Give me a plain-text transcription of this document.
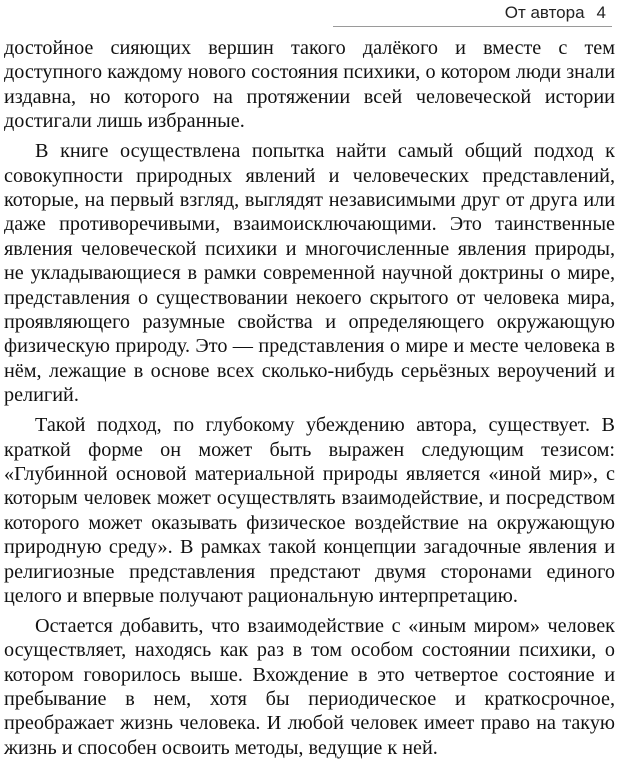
От автора 4

достойное сияющих вершин такого далёкого и вместе с тем доступного каждому нового состояния психики, о котором люди знали издавна, но которого на протяжении всей человеческой истории достигали лишь избранные.

В книге осуществлена попытка найти самый общий подход к совокупности природных явлений и человеческих представлений, которые, на первый взгляд, выглядят независимыми друг от друга или даже противоречивыми, взаимоисключающими. Это таинственные явления человеческой психики и многочисленные явления природы, не укладывающиеся в рамки современной научной доктрины о мире, представления о существовании некоего скрытого от человека мира, проявляющего разумные свойства и определяющего окружающую физическую природу. Это — представления о мире и месте человека в нём, лежащие в основе всех сколько-нибудь серьёзных вероучений и религий.

Такой подход, по глубокому убеждению автора, существует. В краткой форме он может быть выражен следующим тезисом: «Глубинной основой материальной природы является «иной мир», с которым человек может осуществлять взаимодействие, и посредством которого может оказывать физическое воздействие на окружающую природную среду». В рамках такой концепции загадочные явления и религиозные представления предстают двумя сторонами единого целого и впервые получают рациональную интерпретацию.

Остается добавить, что взаимодействие с «иным миром» человек осуществляет, находясь как раз в том особом состоянии психики, о котором говорилось выше. Вхождение в это четвертое состояние и пребывание в нем, хотя бы периодическое и краткосрочное, преображает жизнь человека. И любой человек имеет право на такую жизнь и способен освоить методы, ведущие к ней.
